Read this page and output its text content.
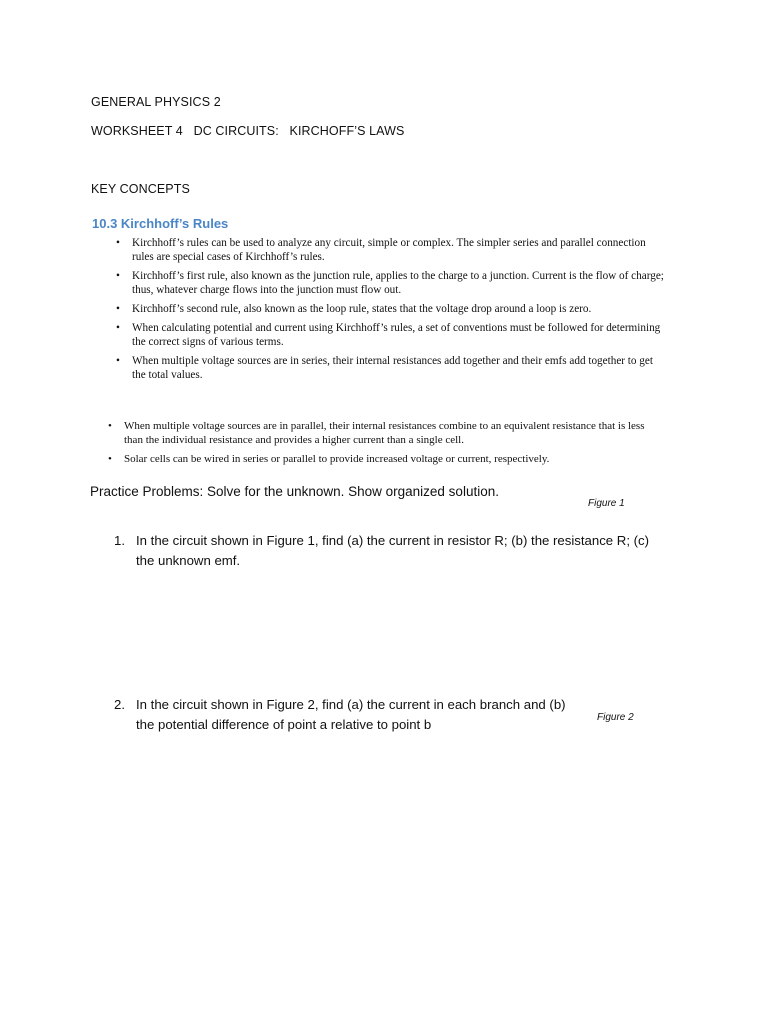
GENERAL PHYSICS 2
WORKSHEET 4   DC CIRCUITS:   KIRCHOFF’S LAWS
KEY CONCEPTS
10.3 Kirchhoff’s Rules
• Kirchhoff’s rules can be used to analyze any circuit, simple or complex. The simpler series and parallel connection rules are special cases of Kirchhoff’s rules.
• Kirchhoff’s first rule, also known as the junction rule, applies to the charge to a junction. Current is the flow of charge; thus, whatever charge flows into the junction must flow out.
• Kirchhoff’s second rule, also known as the loop rule, states that the voltage drop around a loop is zero.
• When calculating potential and current using Kirchhoff’s rules, a set of conventions must be followed for determining the correct signs of various terms.
• When multiple voltage sources are in series, their internal resistances add together and their emfs add together to get the total values.
• When multiple voltage sources are in parallel, their internal resistances combine to an equivalent resistance that is less than the individual resistance and provides a higher current than a single cell.
• Solar cells can be wired in series or parallel to provide increased voltage or current, respectively.
Practice Problems: Solve for the unknown. Show organized solution.
Figure 1
1. In the circuit shown in Figure 1, find (a) the current in resistor R; (b) the resistance R; (c) the unknown emf.
2. In the circuit shown in Figure 2, find (a) the current in each branch and (b) the potential difference of point a relative to point b	Figure 2
